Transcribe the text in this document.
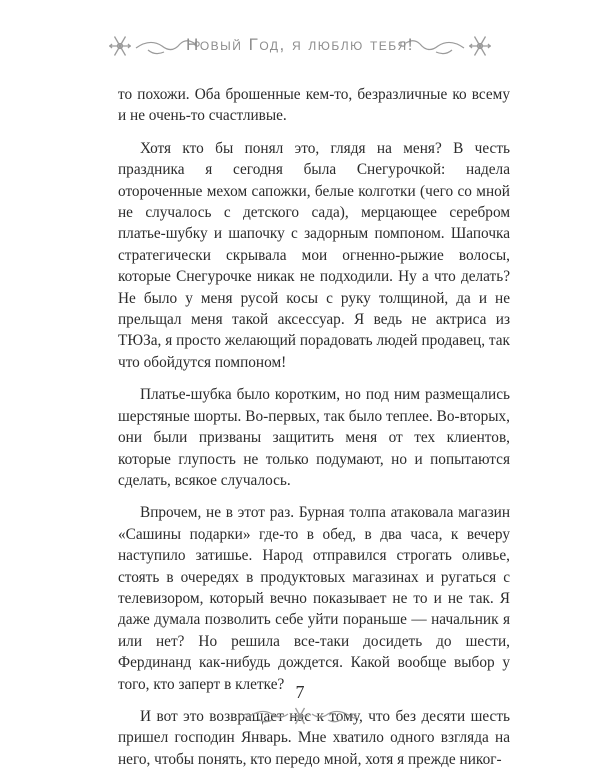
Новый Год, я люблю тебя!

то похожи. Оба брошенные кем-то, безразличные ко всему и не очень-то счастливые.

Хотя кто бы понял это, глядя на меня? В честь праздника я сегодня была Снегурочкой: надела отороченные мехом сапожки, белые колготки (чего со мной не случалось с детского сада), мерцающее серебром платье-шубку и шапочку с задорным помпоном. Шапочка стратегически скрывала мои огненно-рыжие волосы, которые Снегурочке никак не подходили. Ну а что делать? Не было у меня русой косы с руку толщиной, да и не прельщал меня такой аксессуар. Я ведь не актриса из ТЮЗа, я просто желающий порадовать людей продавец, так что обойдутся помпоном!

Платье-шубка было коротким, но под ним размещались шерстяные шорты. Во-первых, так было теплее. Во-вторых, они были призваны защитить меня от тех клиентов, которые глупость не только подумают, но и попытаются сделать, всякое случалось.

Впрочем, не в этот раз. Бурная толпа атаковала магазин «Сашины подарки» где-то в обед, в два часа, к вечеру наступило затишье. Народ отправился строгать оливье, стоять в очередях в продуктовых магазинах и ругаться с телевизором, который вечно показывает не то и не так. Я даже думала позволить себе уйти пораньше — начальник я или нет? Но решила все-таки досидеть до шести, Фердинанд как-нибудь дождется. Какой вообще выбор у того, кто заперт в клетке?

И вот это возвращает нас к тому, что без десяти шесть пришел господин Январь. Мне хватило одного взгляда на него, чтобы понять, кто передо мной, хотя я прежде никог-

7
